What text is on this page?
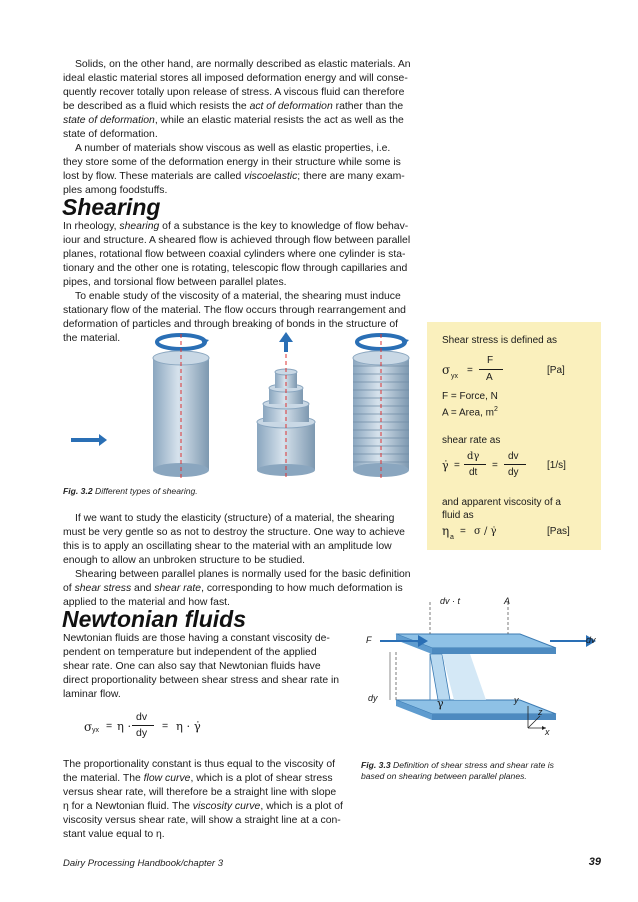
Solids, on the other hand, are normally described as elastic materials. An

ideal elastic material stores all imposed deformation energy and will conse-

quently recover totally upon release of stress. A viscous fluid can therefore

be described as a fluid which resists the act of deformation rather than the

state of deformation, while an elastic material resists the act as well as the

state of deformation.

A number of materials show viscous as well as elastic properties, i.e.

they store some of the deformation energy in their structure while some is

lost by flow. These materials are called viscoelastic; there are many exam-

ples among foodstuffs.

Shearing

In rheology, shearing of a substance is the key to knowledge of flow behav-

iour and structure. A sheared flow is achieved through flow between parallel

planes, rotational flow between coaxial cylinders where one cylinder is sta-

tionary and the other one is rotating, telescopic flow through capillaries and

pipes, and torsional flow between parallel plates.

To enable study of the viscosity of a material, the shearing must induce

stationary flow of the material. The flow occurs through rearrangement and

deformation of particles and through breaking of bonds in the structure of

the material.

Fig. 3.2 Different types of shearing.
Shear stress is defined as
σ yx
=
F
A
[Pa]
F = Force, N
A = Area, $m^2$
shear rate as
γ̇ =
dγ
dt
=
dv
dy
[1/s]
and apparent viscosity of a
fluid as
η a
= σ / γ̇	[Pas]

If we want to study the elasticity (structure) of a material, the shearing

must be very gentle so as not to destroy the structure. One way to achieve

this is to apply an oscillating shear to the material with an amplitude low

enough to allow an unbroken structure to be studied.

Shearing between parallel planes is normally used for the basic definition

of shear stress and shear rate, corresponding to how much deformation is

applied to the material and how fast.

Newtonian fluids

Newtonian fluids are those having a constant viscosity de-

pendent on temperature but independent of the applied

shear rate. One can also say that Newtonian fluids have

direct proportionality between shear stress and shear rate in

laminar flow.

σ yx = η ·
dv
dy
= η · γ̇

The proportionality constant is thus equal to the viscosity of

the material. The flow curve, which is a plot of shear stress

versus shear rate, will therefore be a straight line with slope

η for a Newtonian fluid. The viscosity curve, which is a plot of

viscosity versus shear rate, will show a straight line at a con-

stant value equal to η.

dv · t	A
F	dv
dy	γ	y
z
x
Fig. 3.3 Definition of shear stress and shear rate is
based on shearing between parallel planes.
Dairy Processing Handbook/chapter 3	39
